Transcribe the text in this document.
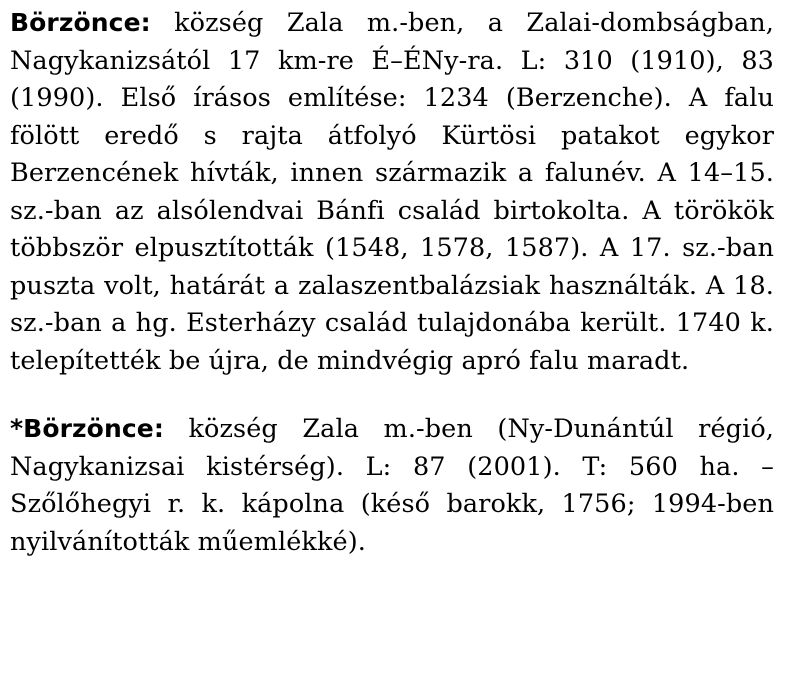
Börzönce: község Zala m.-ben, a Zalai-dombságban, Nagykanizsától 17 km-re É–ÉNy-ra. L: 310 (1910), 83 (1990). Első írásos említése: 1234 (Berzenche). A falu fölött eredő s rajta átfolyó Kürtösi patakot egykor Berzencének hívták, innen származik a falunév. A 14–15. sz.-ban az alsólendvai Bánfi család birtokolta. A törökök többször elpusztították (1548, 1578, 1587). A 17. sz.-ban puszta volt, határát a zalaszentbalázsiak használták. A 18. sz.-ban a hg. Esterházy család tulajdonába került. 1740 k. telepítették be újra, de mindvégig apró falu maradt.

*Börzönce: község Zala m.-ben (Ny-Dunántúl régió, Nagykanizsai kistérség). L: 87 (2001). T: 560 ha. – Szőlőhegyi r. k. kápolna (késő barokk, 1756; 1994-ben nyilvánították műemlékké).
